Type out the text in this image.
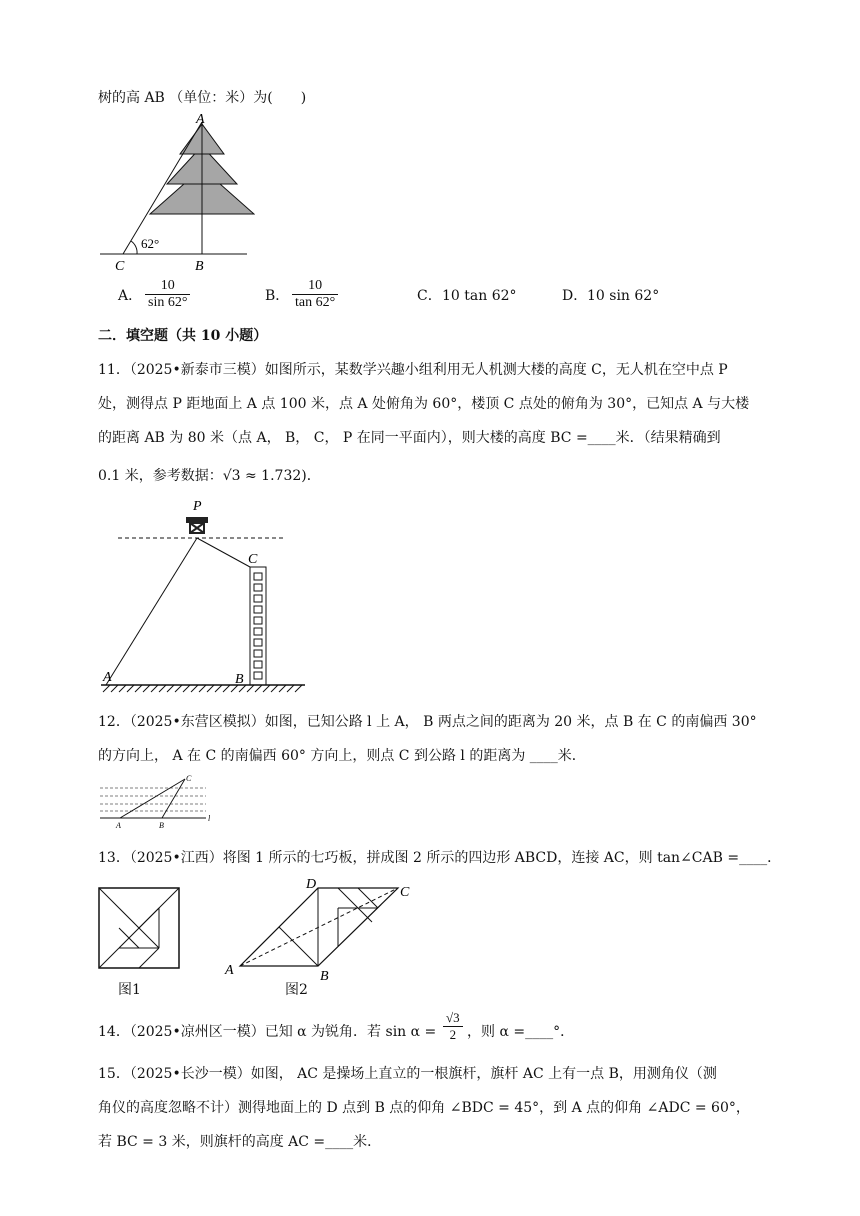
树的高 AB （单位：米）为(　　)
A
C	B
62°
A． $\frac{10}{\sin 62^\circ}$	B． $\frac{10}{\tan 62^\circ}$	C． 10 tan 62°	D． 10 sin 62°
二．填空题（共 10 小题）
11．（2025•新泰市三模）如图所示，某数学兴趣小组利用无人机测大楼的高度 C，无人机在空中点 P
处，测得点 P 距地面上 A 点 100 米，点 A 处俯角为 60°，楼顶 C 点处的俯角为 30°，已知点 A 与大楼
的距离 AB 为 80 米（点 A， B， C， P 在同一平面内），则大楼的高度 BC =____米．（结果精确到
0.1 米，参考数据：√3 ≈ 1.732)．
P
C
A	B
12．（2025•东营区模拟）如图，已知公路 l 上 A， B 两点之间的距离为 20 米，点 B 在 C 的南偏西 30°
的方向上， A 在 C 的南偏西 60° 方向上，则点 C 到公路 l 的距离为 ____米．
C
A	B
l
13．（2025•江西）将图 1 所示的七巧板，拼成图 2 所示的四边形 ABCD，连接 AC，则 tan∠CAB =____．
图1
D
C
A	B
图2
14．（2025•凉州区一模）已知 α 为锐角．若 $\sin \alpha = \frac{√3}{2}$ ，则 α =____°．
15．（2025•长沙一模）如图， AC 是操场上直立的一根旗杆，旗杆 AC 上有一点 B，用测角仪（测
角仪的高度忽略不计）测得地面上的 D 点到 B 点的仰角 ∠BDC = 45°，到 A 点的仰角 ∠ADC = 60°，
若 BC = 3 米，则旗杆的高度 AC =____米．
